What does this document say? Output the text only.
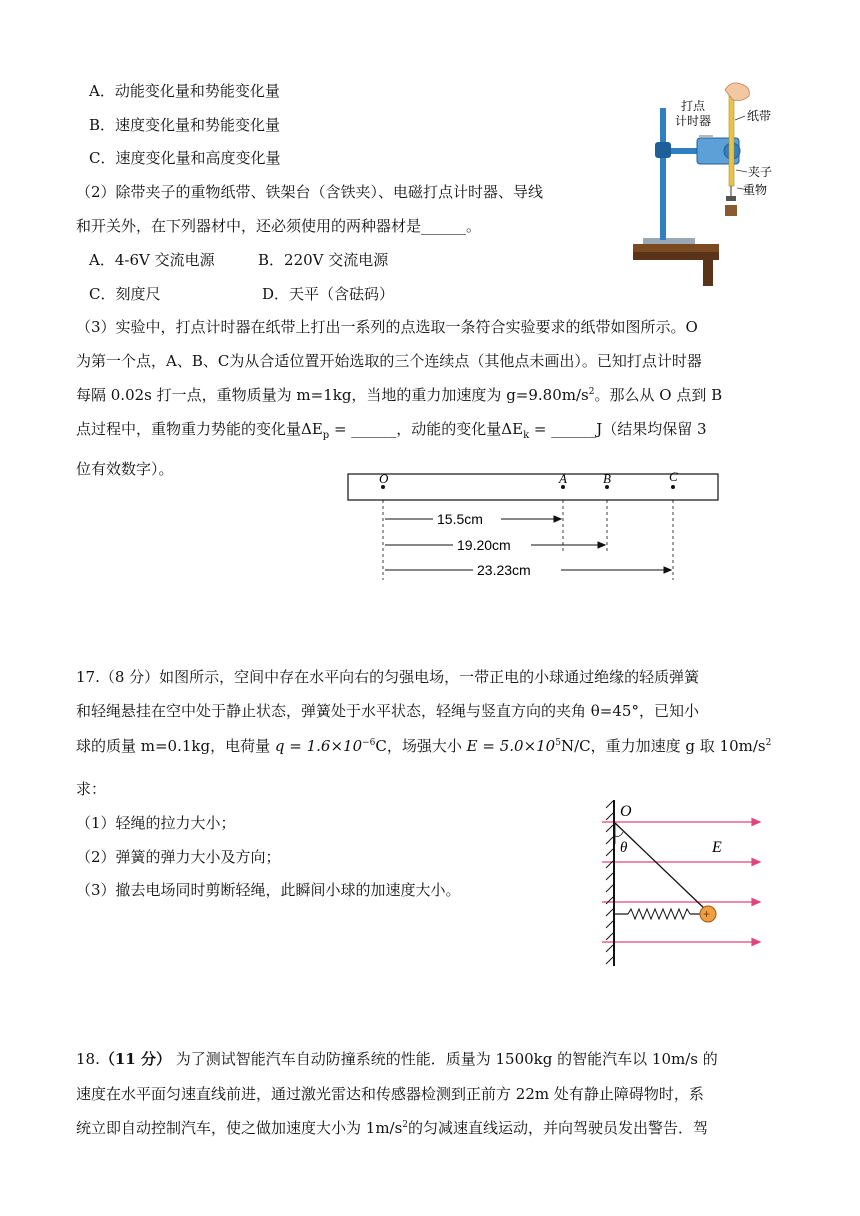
A．动能变化量和势能变化量
B．速度变化量和势能变化量
C．速度变化量和高度变化量
（2）除带夹子的重物纸带、铁架台（含铁夹）、电磁打点计时器、导线
和开关外，在下列器材中，还必须使用的两种器材是______。
A．4-6V 交流电源	B．220V 交流电源
C．刻度尺	D．天平（含砝码）
（3）实验中，打点计时器在纸带上打出一系列的点选取一条符合实验要求的纸带如图所示。O
为第一个点，A、B、C为从合适位置开始选取的三个连续点（其他点未画出）。已知打点计时器
每隔 0.02s 打一点，重物质量为 m=1kg，当地的重力加速度为 $g=9.80m/s^2$。那么从 O 点到 B
点过程中，重物重力势能的变化量$\Delta E_p$ = ______，动能的变化量$\Delta E_k$ = ______J（结果均保留 3
位有效数字）。
打点
计时器	纸带
夹子
重物
O	A	B	C
15.5cm
19.20cm
23.23cm
17.（8 分）如图所示，空间中存在水平向右的匀强电场，一带正电的小球通过绝缘的轻质弹簧
和轻绳悬挂在空中处于静止状态，弹簧处于水平状态，轻绳与竖直方向的夹角 θ=45°，已知小
球的质量 m=0.1kg，电荷量 $q = 1.6\times 10^{-6}C$，场强大小 $E = 5.0\times 10^5N/C$，重力加速度 g 取 $10m/s^2$
求：
（1）轻绳的拉力大小；
（2）弹簧的弹力大小及方向；
（3）撤去电场同时剪断轻绳，此瞬间小球的加速度大小。
+
O
θ	E
18.（11 分） 为了测试智能汽车自动防撞系统的性能．质量为 1500kg 的智能汽车以 10m/s 的
速度在水平面匀速直线前进，通过激光雷达和传感器检测到正前方 22m 处有静止障碍物时，系
统立即自动控制汽车，使之做加速度大小为 $1m/s^2$的匀减速直线运动，并向驾驶员发出警告．驾
